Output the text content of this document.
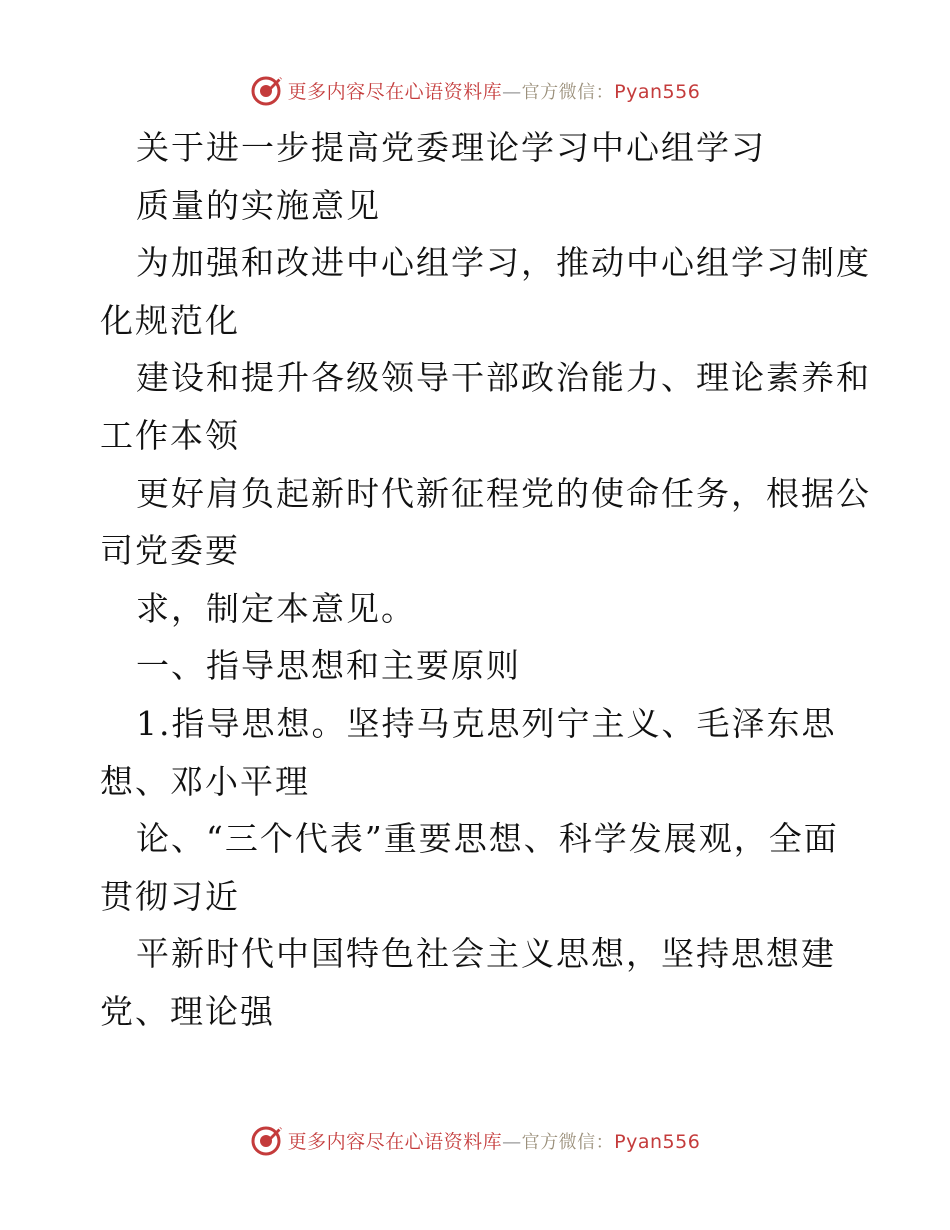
更多内容尽在心语资料库—官方微信：Pyan556
关于进一步提高党委理论学习中心组学习
质量的实施意见
为加强和改进中心组学习，推动中心组学习制度
化规范化
建设和提升各级领导干部政治能力、理论素养和
工作本领
更好肩负起新时代新征程党的使命任务，根据公
司党委要
求，制定本意见。
一、指导思想和主要原则
1.指导思想。坚持马克思列宁主义、毛泽东思
想、邓小平理
论、“三个代表”重要思想、科学发展观，全面
贯彻习近
平新时代中国特色社会主义思想，坚持思想建
党、理论强
更多内容尽在心语资料库—官方微信：Pyan556
